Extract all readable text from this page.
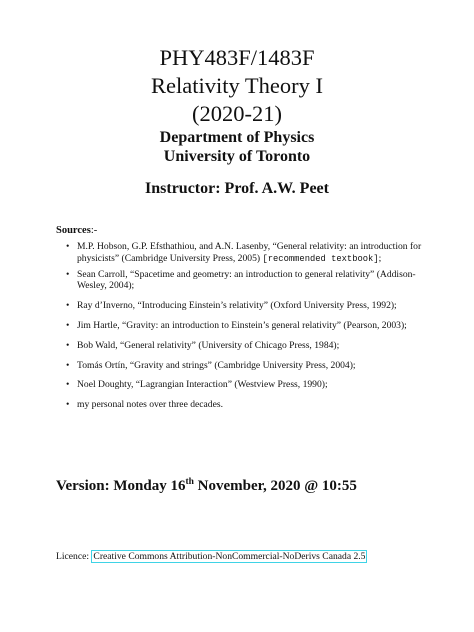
PHY483F/1483F
Relativity Theory I
(2020-21)
Department of Physics
University of Toronto
Instructor: Prof. A.W. Peet
Sources:-
• M.P. Hobson, G.P. Efsthathiou, and A.N. Lasenby, “General relativity: an introduction for physicists” (Cambridge University Press, 2005) [recommended textbook];
• Sean Carroll, “Spacetime and geometry: an introduction to general relativity” (Addison-Wesley, 2004);
• Ray d’Inverno, “Introducing Einstein’s relativity” (Oxford University Press, 1992);
• Jim Hartle, “Gravity: an introduction to Einstein’s general relativity” (Pearson, 2003);
• Bob Wald, “General relativity” (University of Chicago Press, 1984);
• Tomás Ortín, “Gravity and strings” (Cambridge University Press, 2004);
• Noel Doughty, “Lagrangian Interaction” (Westview Press, 1990);
• my personal notes over three decades.
Version: Monday 16th November, 2020 @ 10:55
Licence: Creative Commons Attribution-NonCommercial-NoDerivs Canada 2.5
